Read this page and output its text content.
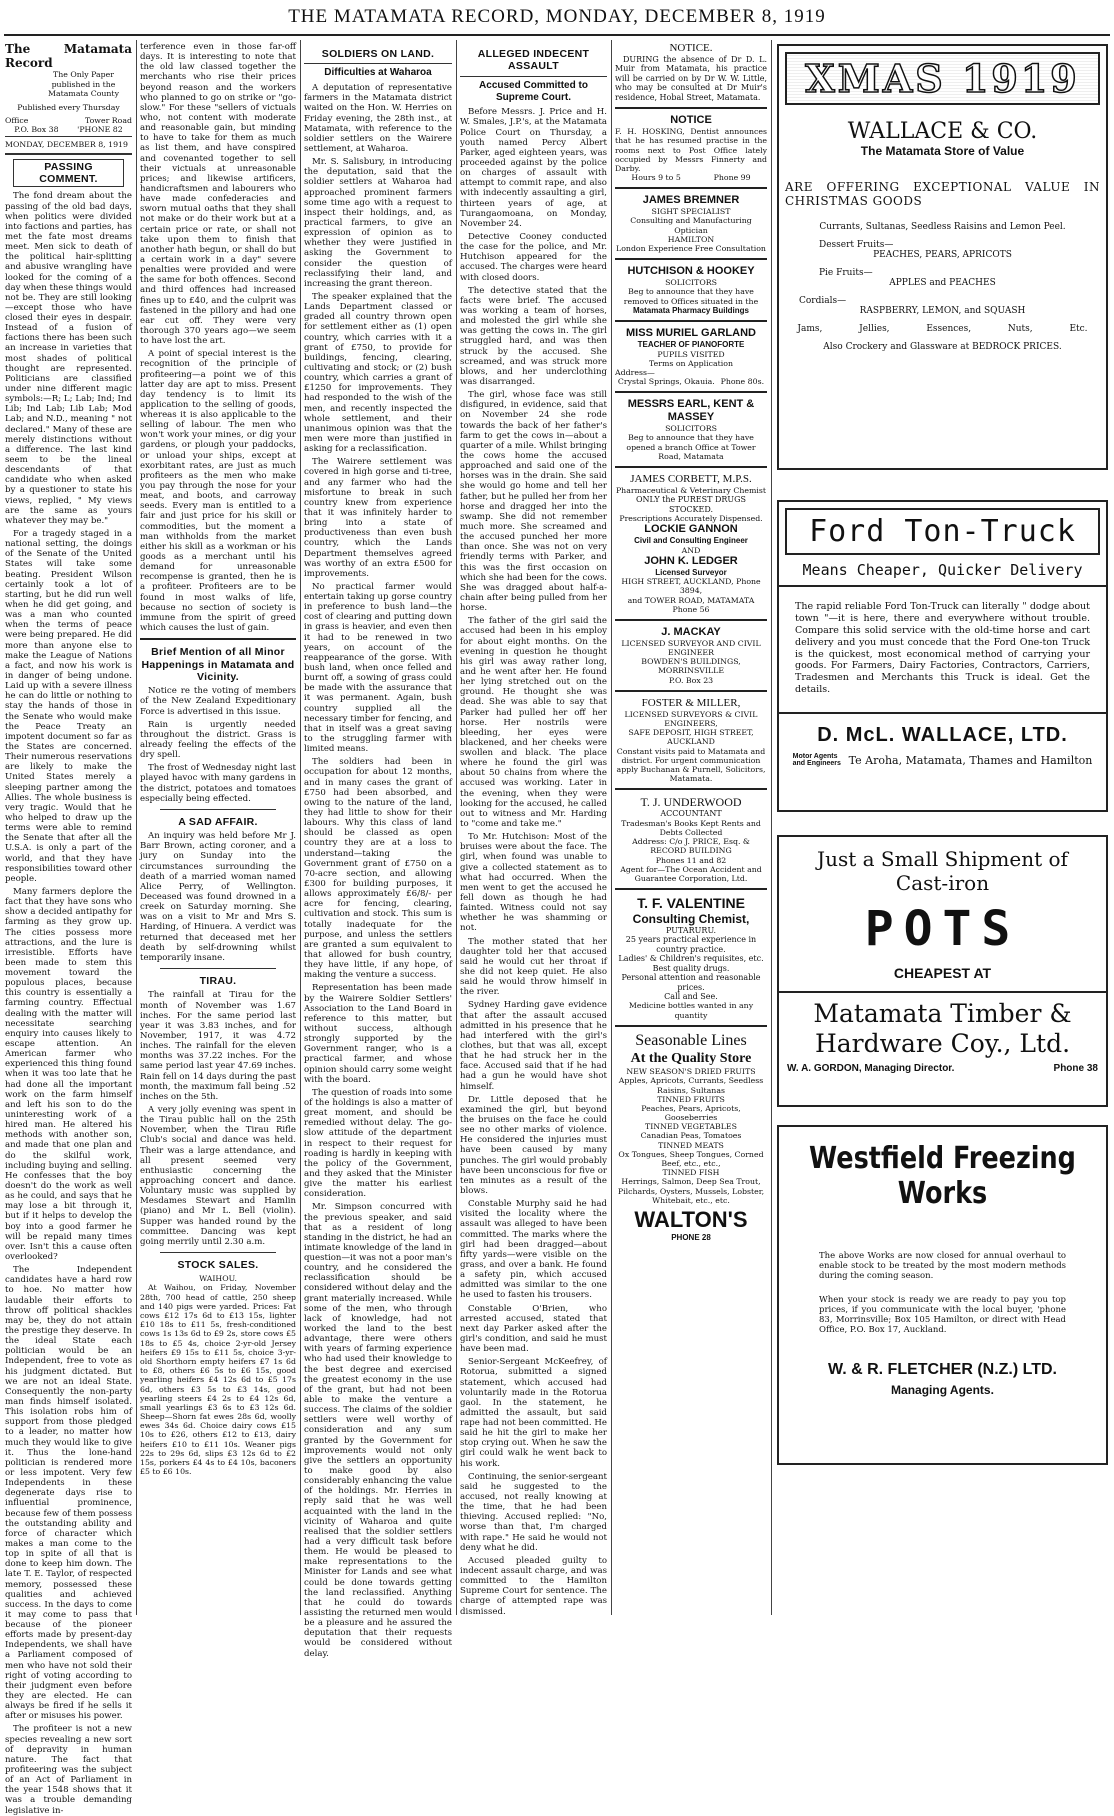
THE MATAMATA RECORD, MONDAY, DECEMBER 8, 1919
The Matamata Record
The Only Paper published in the Matamata County
Published every Thursday
Office	Tower Road
P.O. Box 38 'PHONE 82
MONDAY, DECEMBER 8, 1919
PASSING COMMENT.

The fond dream about the passing of the old bad days, when politics were divided into factions and parties, has met the fate most dreams meet. Men sick to death of the political hair-splitting and abusive wrangling have looked for the coming of a day when these things would not be. They are still looking—except those who have closed their eyes in despair. Instead of a fusion of factions there has been such an increase in varieties that most shades of political thought are represented. Politicians are classified under nine different magic symbols:—R; L; Lab; Ind; Ind Lib; Ind Lab; Lib Lab; Mod Lab; and N.D., meaning " not declared." Many of these are merely distinctions without a difference. The last kind seem to be the lineal descendants of that candidate who when asked by a questioner to state his views, replied, " My views are the same as yours whatever they may be."

For a tragedy staged in a national setting, the doings of the Senate of the United States will take some beating. President Wilson certainly took a lot of starting, but he did run well when he did get going, and was a man who counted when the terms of peace were being prepared. He did more than anyone else to make the League of Nations a fact, and now his work is in danger of being undone. Laid up with a severe illness he can do little or nothing to stay the hands of those in the Senate who would make the Peace Treaty an impotent document so far as the States are concerned. Their numerous reservations are likely to make the United States merely a sleeping partner among the Allies. The whole business is very tragic. Would that he who helped to draw up the terms were able to remind the Senate that after all the U.S.A. is only a part of the world, and that they have responsibilities toward other people.

Many farmers deplore the fact that they have sons who show a decided antipathy for farming as they grow up. The cities possess more attractions, and the lure is irresistible. Efforts have been made to stem this movement toward the populous places, because this country is essentially a farming country. Effectual dealing with the matter will necessitate searching enquiry into causes likely to escape attention. An American farmer who experienced this thing found when it was too late that he had done all the important work on the farm himself and left his son to do the uninteresting work of a hired man. He altered his methods with another son, and made that one plan and do the skilful work, including buying and selling. He confesses that the boy doesn't do the work as well as he could, and says that he may lose a bit through it, but if it helps to develop the boy into a good farmer he will be repaid many times over. Isn't this a cause often overlooked?

The Independent candidates have a hard row to hoe. No matter how laudable their efforts to throw off political shackles may be, they do not attain the prestige they deserve. In the ideal State each politician would be an Independent, free to vote as his judgment dictated. But we are not an ideal State. Consequently the non-party man finds himself isolated. This isolation robs him of support from those pledged to a leader, no matter how much they would like to give it. Thus the lone-hand politician is rendered more or less impotent. Very few Independents in these degenerate days rise to influential prominence, because few of them possess the outstanding ability and force of character which makes a man come to the top in spite of all that is done to keep him down. The late T. E. Taylor, of respected memory, possessed these qualities and achieved success. In the days to come it may come to pass that because of the pioneer efforts made by present-day Independents, we shall have a Parliament composed of men who have not sold their right of voting according to their judgment even before they are elected. He can always be fired if he sells it after or misuses his power.

The profiteer is not a new species revealing a new sort of depravity in human nature. The fact that profiteering was the subject of an Act of Parliament in the year 1548 shows that it was a trouble demanding legislative in-

terference even in those far-off days. It is interesting to note that the old law classed together the merchants who rise their prices beyond reason and the workers who planned to go on strike or "go-slow." For these "sellers of victuals who, not content with moderate and reasonable gain, but minding to have to take for them as much as list them, and have conspired and covenanted together to sell their victuals at unreasonable prices; and likewise artificers, handicraftsmen and labourers who have made confederacies and sworn mutual oaths that they shall not make or do their work but at a certain price or rate, or shall not take upon them to finish that another hath begun, or shall do but a certain work in a day" severe penalties were provided and were the same for both offences. Second and third offences had increased fines up to £40, and the culprit was fastened in the pillory and had one ear cut off. They were very thorough 370 years ago—we seem to have lost the art.

A point of special interest is the recognition of the principle of profiteering—a point we of this latter day are apt to miss. Present day tendency is to limit its application to the selling of goods, whereas it is also applicable to the selling of labour. The men who won't work your mines, or dig your gardens, or plough your paddocks, or unload your ships, except at exorbitant rates, are just as much profiteers as the men who make you pay through the nose for your meat, and boots, and carroway seeds. Every man is entitled to a fair and just price for his skill or commodities, but the moment a man withholds from the market either his skill as a workman or his goods as a merchant until his demand for unreasonable recompense is granted, then he is a profiteer. Profiteers are to be found in most walks of life, because no section of society is immune from the spirit of greed which causes the lust of gain.

Brief Mention of all Minor Happenings in Matamata and Vicinity.

Notice re the voting of members of the New Zealand Expeditionary Force is advertised in this issue.

Rain is urgently needed throughout the district. Grass is already feeling the effects of the dry spell.

The frost of Wednesday night last played havoc with many gardens in the district, potatoes and tomatoes especially being effected.

A SAD AFFAIR.

An inquiry was held before Mr J. Barr Brown, acting coroner, and a jury on Sunday into the circumstances surrounding the death of a married woman named Alice Perry, of Wellington. Deceased was found drowned in a creek on Saturday morning. She was on a visit to Mr and Mrs S. Harding, of Hinuera. A verdict was returned that deceased met her death by self-drowning whilst temporarily insane.

TIRAU.

The rainfall at Tirau for the month of November was 1.67 inches. For the same period last year it was 3.83 inches, and for November, 1917, it was 4.72 inches. The rainfall for the eleven months was 37.22 inches. For the same period last year 47.69 inches. Rain fell on 14 days during the past month, the maximum fall being .52 inches on the 5th.

A very jolly evening was spent in the Tirau public hall on the 25th November, when the Tirau Rifle Club's social and dance was held. Their was a large attendance, and all present seemed very enthusiastic concerning the approaching concert and dance. Voluntary music was supplied by Mesdames Stewart and Hamlin (piano) and Mr L. Bell (violin). Supper was handed round by the committee. Dancing was kept going merrily until 2.30 a.m.

STOCK SALES.
WAIHOU.

At Waihou, on Friday, November 28th, 700 head of cattle, 250 sheep and 140 pigs were yarded. Prices: Fat cows £12 17s 6d to £13 15s, lighter £10 18s to £11 5s, fresh-conditioned cows 1s 13s 6d to £9 2s, store cows £5 18s to £5 4s, choice 2-yr-old Jersey heifers £9 15s to £11 5s, choice 3-yr-old Shorthorn empty heifers £7 1s 6d to £8, others £6 5s to £6 15s, good yearling heifers £4 12s 6d to £5 17s 6d, others £3 5s to £3 14s, good yearling steers £4 2s to £4 12s 6d, small yearlings £3 6s to £3 12s 6d. Sheep—Shorn fat ewes 28s 6d, woolly ewes 34s 6d. Choice dairy cows £15 10s to £26, others £12 to £13, dairy heifers £10 to £11 10s. Weaner pigs 22s to 29s 6d, slips £3 12s 6d to £2 15s, porkers £4 4s to £4 10s, baconers £5 to £6 10s.

SOLDIERS ON LAND.
Difficulties at Waharoa

A deputation of representative farmers in the Matamata district waited on the Hon. W. Herries on Friday evening, the 28th inst., at Matamata, with reference to the soldier settlers on the Wairere settlement, at Waharoa.

Mr. S. Salisbury, in introducing the deputation, said that the soldier settlers at Waharoa had approached prominent farmers some time ago with a request to inspect their holdings, and, as practical farmers, to give an expression of opinion as to whether they were justified in asking the Government to consider the question of reclassifying their land, and increasing the grant thereon.

The speaker explained that the Lands Department classed or graded all country thrown open for settlement either as (1) open country, which carries with it a grant of £750, to provide for buildings, fencing, clearing, cultivating and stock; or (2) bush country, which carries a grant of £1250 for improvements. They had responded to the wish of the men, and recently inspected the whole settlement, and their unanimous opinion was that the men were more than justified in asking for a reclassification.

The Wairere settlement was covered in high gorse and ti-tree, and any farmer who had the misfortune to break in such country knew from experience that it was infinitely harder to bring into a state of productiveness than even bush country, which the Lands Department themselves agreed was worthy of an extra £500 for improvements.

No practical farmer would entertain taking up gorse country in preference to bush land—the cost of clearing and putting down in grass is heavier, and even then it had to be renewed in two years, on account of the reappearance of the gorse. With bush land, when once felled and burnt off, a sowing of grass could be made with the assurance that it was permanent. Again, bush country supplied all the necessary timber for fencing, and that in itself was a great saving to the struggling farmer with limited means.

The soldiers had been in occupation for about 12 months, and in many cases the grant of £750 had been absorbed, and owing to the nature of the land, they had little to show for their labours. Why this class of land should be classed as open country they are at a loss to understand—taking the Government grant of £750 on a 70-acre section, and allowing £300 for building purposes, it allows approximately £6/8/- per acre for fencing, clearing, cultivation and stock. This sum is totally inadequate for the purpose, and unless the settlers are granted a sum equivalent to that allowed for bush country, they have little, if any hope, of making the venture a success.

Representation has been made by the Wairere Soldier Settlers' Association to the Land Board in reference to this matter, but without success, although strongly supported by the Government ranger, who is a practical farmer, and whose opinion should carry some weight with the board.

The question of roads into some of the holdings is also a matter of great moment, and should be remedied without delay. The go-slow attitude of the department in respect to their request for roading is hardly in keeping with the policy of the Government, and they asked that the Minister give the matter his earliest consideration.

Mr. Simpson concurred with the previous speaker, and said that as a resident of long standing in the district, he had an intimate knowledge of the land in question—it was not a poor man's country, and he considered the reclassification should be considered without delay and the grant materially increased. While some of the men, who through lack of knowledge, had not worked the land to the best advantage, there were others with years of farming experience who had used their knowledge to the best degree and exercised the greatest economy in the use of the grant, but had not been able to make the venture a success. The claims of the soldier settlers were well worthy of consideration and any sum granted by the Government for improvements would not only give the settlers an opportunity to make good by also considerably enhancing the value of the holdings. Mr. Herries in reply said that he was well acquainted with the land in the vicinity of Waharoa and quite realised that the soldier settlers had a very difficult task before them. He would be pleased to make representations to the Minister for Lands and see what could be done towards getting the land reclassified. Anything that he could do towards assisting the returned men would be a pleasure and he assured the deputation that their requests would be considered without delay.

ALLEGED INDECENT ASSAULT
Accused Committed to Supreme Court.

Before Messrs. J. Price and H. W. Smales, J.P.'s, at the Matamata Police Court on Thursday, a youth named Percy Albert Parker, aged eighteen years, was proceeded against by the police on charges of assault with attempt to commit rape, and also with indecently assaulting a girl, thirteen years of age, at Turangaomoana, on Monday, November 24.

Detective Cooney conducted the case for the police, and Mr. Hutchison appeared for the accused. The charges were heard with closed doors.

The detective stated that the facts were brief. The accused was working a team of horses, and molested the girl while she was getting the cows in. The girl struggled hard, and was then struck by the accused. She screamed, and was struck more blows, and her underclothing was disarranged.

The girl, whose face was still disfigured, in evidence, said that on November 24 she rode towards the back of her father's farm to get the cows in—about a quarter of a mile. Whilst bringing the cows home the accused approached and said one of the horses was in the drain. She said she would go home and tell her father, but he pulled her from her horse and dragged her into the swamp. She did not remember much more. She screamed and the accused punched her more than once. She was not on very friendly terms with Parker, and this was the first occasion on which she had been for the cows. She was dragged about half-a-chain after being pulled from her horse.

The father of the girl said the accused had been in his employ for about eight months. On the evening in question he thought his girl was away rather long, and he went after her. He found her lying stretched out on the ground. He thought she was dead. She was able to say that Parker had pulled her off her horse. Her nostrils were bleeding, her eyes were blackened, and her cheeks were swollen and black. The place where he found the girl was about 50 chains from where the accused was working. Later in the evening, when they were looking for the accused, he called out to witness and Mr. Harding to "come and take me."

To Mr. Hutchison: Most of the bruises were about the face. The girl, when found was unable to give a collected statement as to what had occurred. When the men went to get the accused he fell down as though he had fainted. Witness could not say whether he was shamming or not.

The mother stated that her daughter told her that accused said he would cut her throat if she did not keep quiet. He also said he would throw himself in the river.

Sydney Harding gave evidence that after the assault accused admitted in his presence that he had interfered with the girl's clothes, but that was all, except that he had struck her in the face. Accused said that if he had had a gun he would have shot himself.

Dr. Little deposed that he examined the girl, but beyond the bruises on the face he could see no other marks of violence. He considered the injuries must have been caused by many punches. The girl would probably have been unconscious for five or ten minutes as a result of the blows.

Constable Murphy said he had visited the locality where the assault was alleged to have been committed. The marks where the girl had been dragged—about fifty yards—were visible on the grass, and over a bank. He found a safety pin, which accused admitted was similar to the one he used to fasten his trousers.

Constable O'Brien, who arrested accused, stated that next day Parker asked after the girl's condition, and said he must have been mad.

Senior-Sergeant McKeefrey, of Rotorua, submitted a signed statement, which accused had voluntarily made in the Rotorua gaol. In the statement, he admitted the assault, but said rape had not been committed. He said he hit the girl to make her stop crying out. When he saw the girl could walk he went back to his work.

Continuing, the senior-sergeant said he suggested to the accused, not really knowing at the time, that he had been thieving. Accused replied: "No, worse than that, I'm charged with rape." He said he would not deny what he did.

Accused pleaded guilty to indecent assault charge, and was committed to the Hamilton Supreme Court for sentence. The charge of attempted rape was dismissed.

NOTICE.

DURING the absence of Dr D. L. Muir from Matamata, his practice will be carried on by Dr W. W. Little, who may be consulted at Dr Muir's residence, Hobal Street, Matamata.

NOTICE
F. H. HOSKING, Dentist announces that he has resumed practise in the rooms next to Post Office lately occupied by Messrs Finnerty and Darby.
Hours 9 to 5	Phone 99
JAMES BREMNER
SIGHT SPECIALIST
Consulting and Manufacturing Optician
HAMILTON
London Experience Free Consultation
HUTCHISON & HOOKEY
SOLICITORS
Beg to announce that they have removed to Offices situated in the
Matamata Pharmacy Buildings
MISS MURIEL GARLAND
TEACHER OF PIANOFORTE
PUPILS VISITED
Terms on Application
Address—
Crystal Springs, Okauia. Phone 80s.
MESSRS EARL, KENT & MASSEY
SOLICITORS
Beg to announce that they have opened a branch Office at Tower Road, Matamata
JAMES CORBETT, M.P.S.
Pharmaceutical & Veterinary Chemist
ONLY the PUREST DRUGS STOCKED.
Prescriptions Accurately Dispensed.
LOCKIE GANNON
Civil and Consulting Engineer
AND
JOHN K. LEDGER
Licensed Surveyor
HIGH STREET, AUCKLAND, Phone 3894,
and TOWER ROAD, MATAMATA
Phone 56
J. MACKAY
LICENSED SURVEYOR AND CIVIL ENGINEER
BOWDEN'S BUILDINGS, MORRINSVILLE
P.O. Box 23
FOSTER & MILLER,
LICENSED SURVEYORS & CIVIL ENGINEERS,
SAFE DEPOSIT, HIGH STREET,
AUCKLAND
Constant visits paid to Matamata and district. For urgent communication apply Buchanan & Purnell, Solicitors, Matamata.
T. J. UNDERWOOD
ACCOUNTANT
Tradesman's Books Kept Rents and Debts Collected
Address: C/o J. PRICE, Esq. & RECORD BUILDING
Phones 11 and 82
Agent for—The Ocean Accident and Guarantee Corporation, Ltd.
T. F. VALENTINE
Consulting Chemist,
PUTARURU.
25 years practical experience in country practice.
Ladies' & Children's requisites, etc.
Best quality drugs.
Personal attention and reasonable prices.
Call and See.
Medicine bottles wanted in any quantity
Seasonable Lines
At the Quality Store
NEW SEASON'S DRIED FRUITS
Apples, Apricots, Currants, Seedless Raisins, Sultanas
TINNED FRUITS
Peaches, Pears, Apricots, Gooseberries
TINNED VEGETABLES
Canadian Peas, Tomatoes
TINNED MEATS
Ox Tongues, Sheep Tongues, Corned Beef, etc., etc.,
TINNED FISH
Herrings, Salmon, Deep Sea Trout, Pilchards, Oysters, Mussels, Lobster, Whitebait, etc., etc.
WALTON'S
PHONE 28
XMAS 1919
WALLACE & CO.
The Matamata Store of Value
ARE OFFERING EXCEPTIONAL VALUE IN CHRISTMAS GOODS
Currants, Sultanas, Seedless Raisins and Lemon Peel.
Dessert Fruits—
PEACHES, PEARS, APRICOTS
Pie Fruits—
APPLES and PEACHES
Cordials—
RASPBERRY, LEMON, and SQUASH
Jams,	Jellies,	Essences,	Nuts,	Etc.
Also Crockery and Glassware at BEDROCK PRICES.
Ford Ton-Truck
Means Cheaper, Quicker Delivery
The rapid reliable Ford Ton-Truck can literally " dodge about town "—it is here, there and everywhere without trouble. Compare this solid service with the old-time horse and cart delivery and you must concede that the Ford One-ton Truck is the quickest, most economical method of carrying your goods. For Farmers, Dairy Factories, Contractors, Carriers, Tradesmen and Merchants this Truck is ideal. Get the details.
D. McL. WALLACE, LTD.
Motor Agents and Engineers Te Aroha, Matamata, Thames and Hamilton
Just a Small Shipment of
Cast-iron
POTS
CHEAPEST AT
Matamata Timber &
Hardware Coy., Ltd.
W. A. GORDON, Managing Director.	Phone 38
Westfield Freezing
Works
The above Works are now closed for annual overhaul to enable stock to be treated by the most modern methods during the coming season.
When your stock is ready we are ready to pay you top prices, if you communicate with the local buyer, 'phone 83, Morrinsville; Box 105 Hamilton, or direct with Head Office, P.O. Box 17, Auckland.
W. & R. FLETCHER (N.Z.) LTD.
Managing Agents.
